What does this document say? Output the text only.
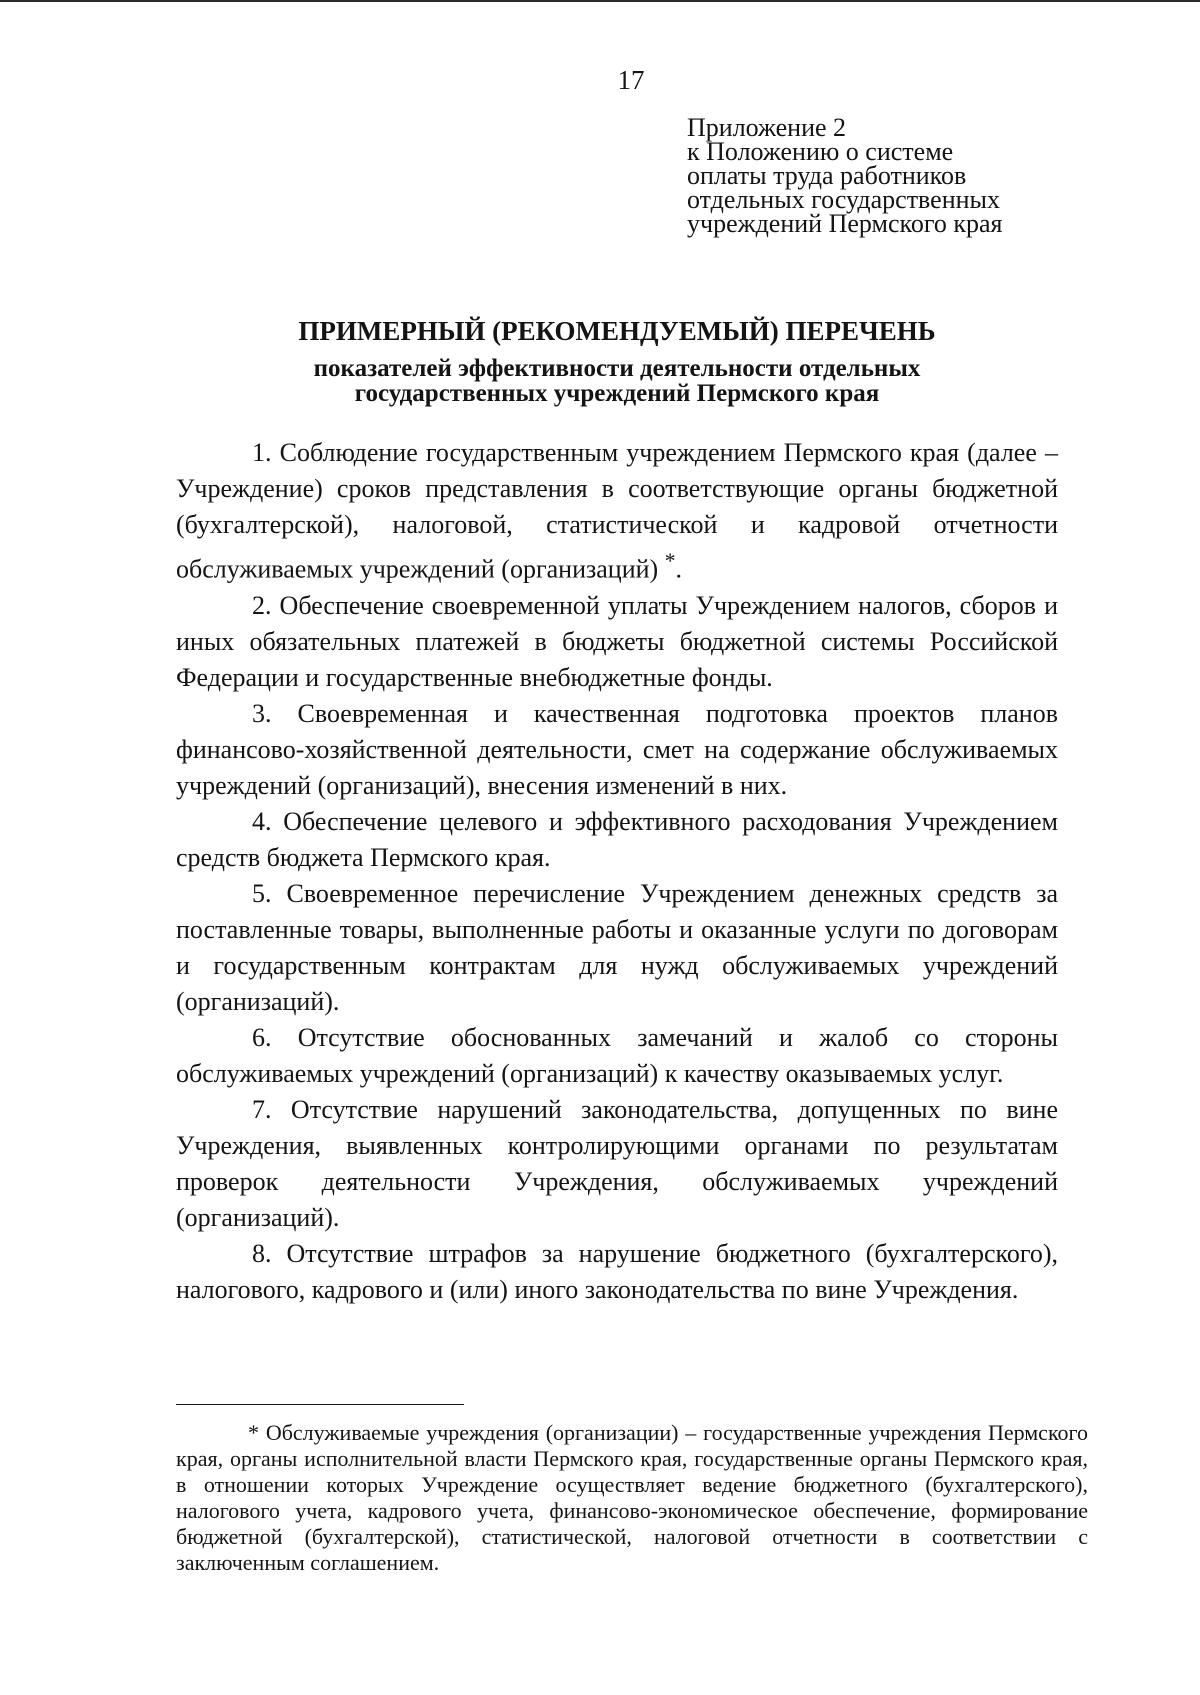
17
Приложение 2
к Положению о системе
оплаты труда работников
отдельных государственных
учреждений Пермского края
ПРИМЕРНЫЙ (РЕКОМЕНДУЕМЫЙ) ПЕРЕЧЕНЬ
показателей эффективности деятельности отдельных
государственных учреждений Пермского края

1. Соблюдение государственным учреждением Пермского края (далее – Учреждение) сроков представления в соответствующие органы бюджетной (бухгалтерской), налоговой, статистической и кадровой отчетности обслуживаемых учреждений (организаций) *.

2. Обеспечение своевременной уплаты Учреждением налогов, сборов и иных обязательных платежей в бюджеты бюджетной системы Российской Федерации и государственные внебюджетные фонды.

3. Своевременная и качественная подготовка проектов планов финансово-хозяйственной деятельности, смет на содержание обслуживаемых учреждений (организаций), внесения изменений в них.

4. Обеспечение целевого и эффективного расходования Учреждением средств бюджета Пермского края.

5. Своевременное перечисление Учреждением денежных средств за поставленные товары, выполненные работы и оказанные услуги по договорам и государственным контрактам для нужд обслуживаемых учреждений (организаций).

6. Отсутствие обоснованных замечаний и жалоб со стороны обслуживаемых учреждений (организаций) к качеству оказываемых услуг.

7. Отсутствие нарушений законодательства, допущенных по вине Учреждения, выявленных контролирующими органами по результатам проверок деятельности Учреждения, обслуживаемых учреждений (организаций).

8. Отсутствие штрафов за нарушение бюджетного (бухгалтерского), налогового, кадрового и (или) иного законодательства по вине Учреждения.

* Обслуживаемые учреждения (организации) – государственные учреждения Пермского края, органы исполнительной власти Пермского края, государственные органы Пермского края, в отношении которых Учреждение осуществляет ведение бюджетного (бухгалтерского), налогового учета, кадрового учета, финансово-экономическое обеспечение, формирование бюджетной (бухгалтерской), статистической, налоговой отчетности в соответствии с заключенным соглашением.
